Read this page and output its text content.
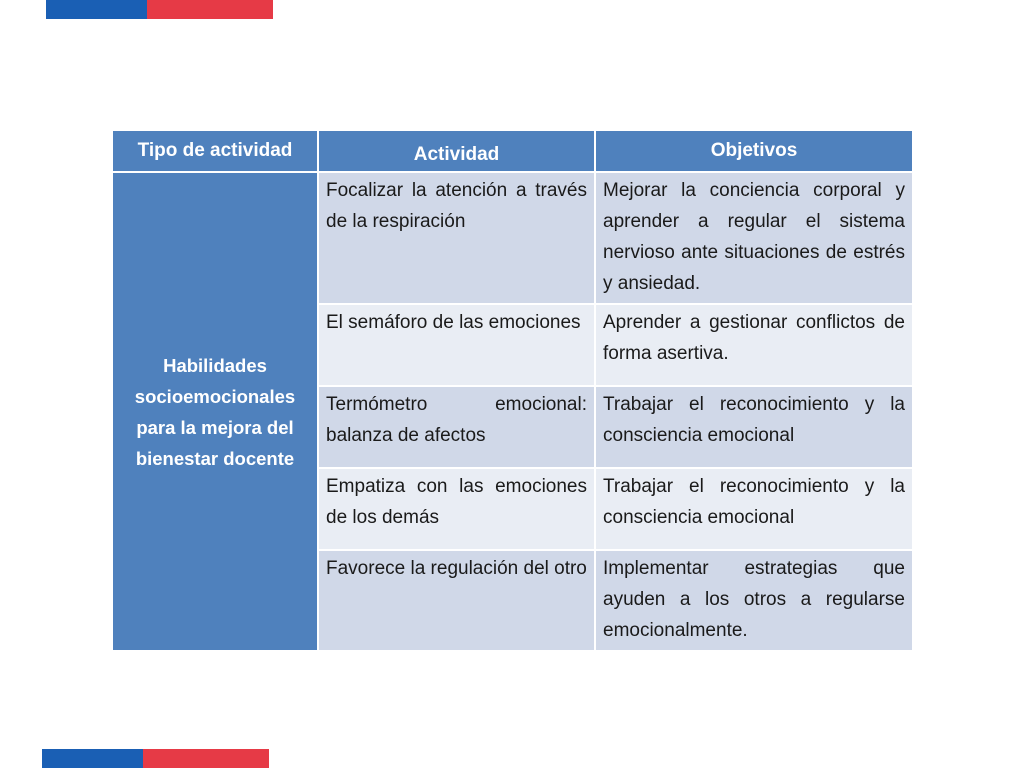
Tipo de actividad	Actividad	Objetivos
Habilidades socioemocionales para la mejora del bienestar docente	Focalizar la atención a través de la respiración	Mejorar la conciencia corporal y aprender a regular el sistema nervioso ante situaciones de estrés y ansiedad.
	El semáforo de las emociones	Aprender a gestionar conflictos de forma asertiva.
	Termómetro emocional: balanza de afectos	Trabajar el reconocimiento y la consciencia emocional
	Empatiza con las emociones de los demás	Trabajar el reconocimiento y la consciencia emocional
	Favorece la regulación del otro	Implementar estrategias que ayuden a los otros a regularse emocionalmente.
